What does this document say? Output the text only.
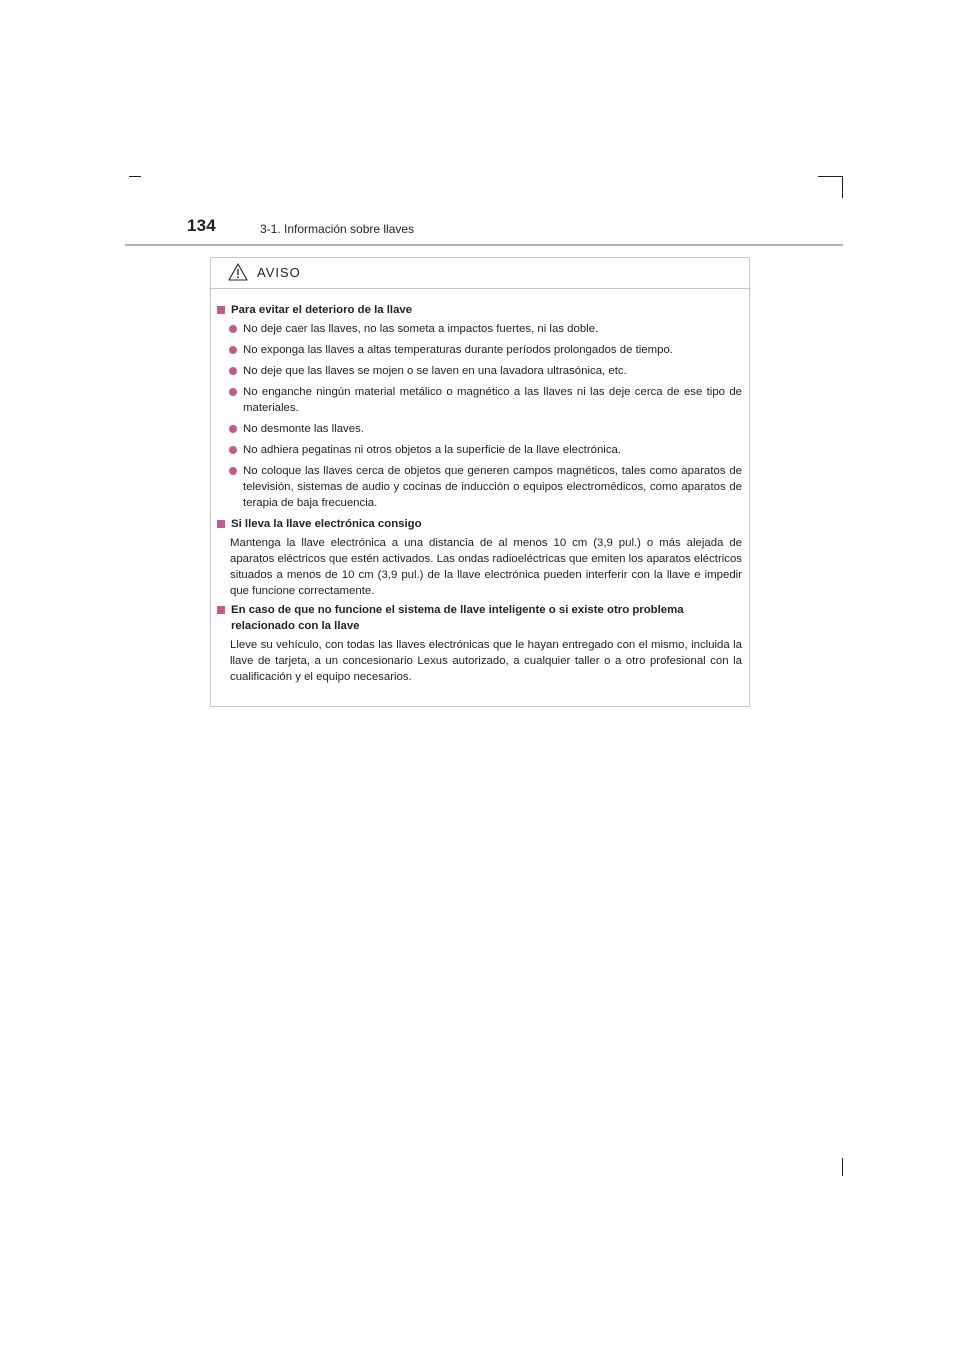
134	3-1. Información sobre llaves
AVISO
Para evitar el deterioro de la llave
No deje caer las llaves, no las someta a impactos fuertes, ni las doble.
No exponga las llaves a altas temperaturas durante períodos prolongados de tiempo.
No deje que las llaves se mojen o se laven en una lavadora ultrasónica, etc.
No enganche ningún material metálico o magnético a las llaves ni las deje cerca de ese tipo de materiales.
No desmonte las llaves.
No adhiera pegatinas ni otros objetos a la superficie de la llave electrónica.
No coloque las llaves cerca de objetos que generen campos magnéticos, tales como aparatos de televisión, sistemas de audio y cocinas de inducción o equipos electromédicos, como aparatos de terapia de baja frecuencia.
Si lleva la llave electrónica consigo
Mantenga la llave electrónica a una distancia de al menos 10 cm (3,9 pul.) o más alejada de aparatos eléctricos que estén activados. Las ondas radioeléctricas que emiten los aparatos eléctricos situados a menos de 10 cm (3,9 pul.) de la llave electrónica pueden interferir con la llave e impedir que funcione correctamente.
En caso de que no funcione el sistema de llave inteligente o si existe otro problema relacionado con la llave
Lleve su vehículo, con todas las llaves electrónicas que le hayan entregado con el mismo, incluida la llave de tarjeta, a un concesionario Lexus autorizado, a cualquier taller o a otro profesional con la cualificación y el equipo necesarios.
